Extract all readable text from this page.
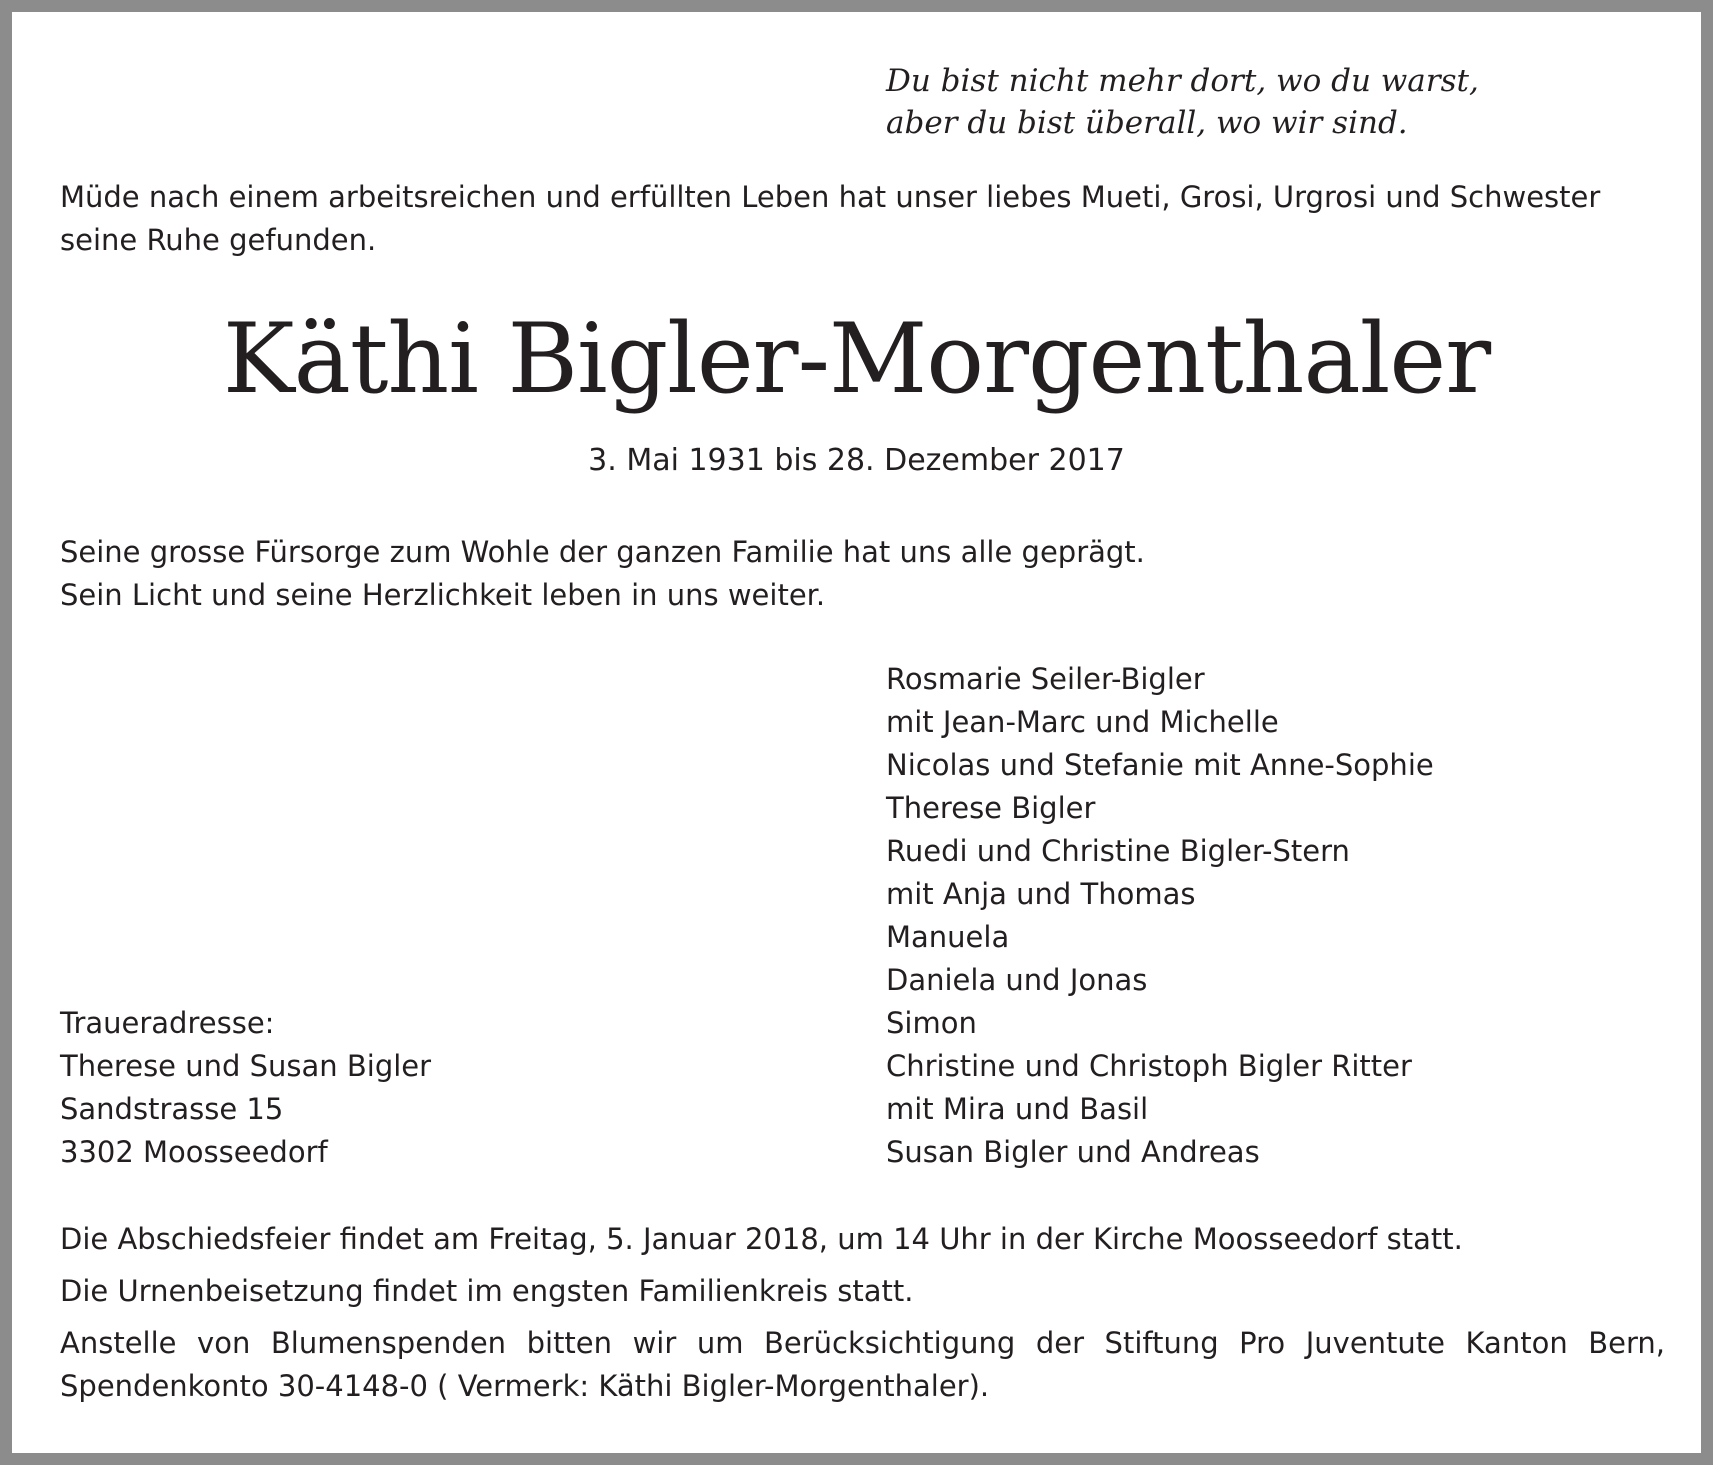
Du bist nicht mehr dort, wo du warst,
aber du bist überall, wo wir sind.
Müde nach einem arbeitsreichen und erfüllten Leben hat unser liebes Mueti, Grosi, Urgrosi und Schwester seine Ruhe gefunden.
Käthi Bigler-Morgenthaler
3. Mai 1931 bis 28. Dezember 2017
Seine grosse Fürsorge zum Wohle der ganzen Familie hat uns alle geprägt.
Sein Licht und seine Herzlichkeit leben in uns weiter.
Rosmarie Seiler-Bigler
mit Jean-Marc und Michelle
Nicolas und Stefanie mit Anne-Sophie
Therese Bigler
Ruedi und Christine Bigler-Stern
mit Anja und Thomas
Manuela
Daniela und Jonas
Simon
Christine und Christoph Bigler Ritter
mit Mira und Basil
Susan Bigler und Andreas
Traueradresse:
Therese und Susan Bigler
Sandstrasse 15
3302 Moosseedorf
Die Abschiedsfeier findet am Freitag, 5. Januar 2018, um 14 Uhr in der Kirche Moosseedorf statt.
Die Urnenbeisetzung findet im engsten Familienkreis statt.
Anstelle von Blumenspenden bitten wir um Berücksichtigung der Stiftung Pro Juventute Kanton Bern, Spendenkonto 30-4148-0 ( Vermerk: Käthi Bigler-Morgenthaler).
